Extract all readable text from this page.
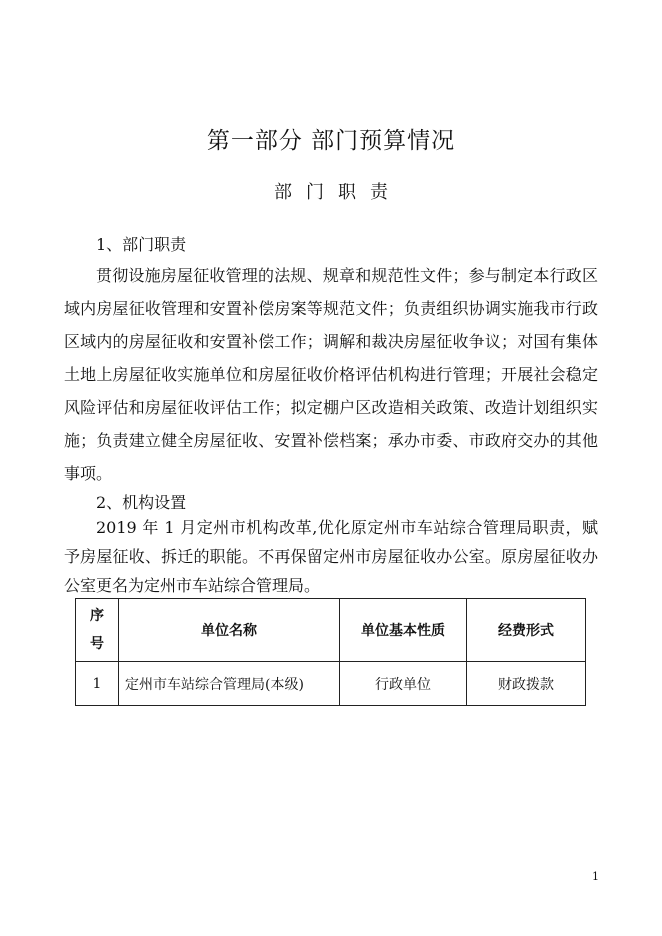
第一部分 部门预算情况
部门职责
1、部门职责

贯彻设施房屋征收管理的法规、规章和规范性文件；参与制定本行政区域内房屋征收管理和安置补偿房案等规范文件；负责组织协调实施我市行政区域内的房屋征收和安置补偿工作；调解和裁决房屋征收争议；对国有集体土地上房屋征收实施单位和房屋征收价格评估机构进行管理；开展社会稳定风险评估和房屋征收评估工作；拟定棚户区改造相关政策、改造计划组织实施；负责建立健全房屋征收、安置补偿档案；承办市委、市政府交办的其他事项。

2、机构设置

2019 年 1 月定州市机构改革,优化原定州市车站综合管理局职责，赋予房屋征收、拆迁的职能。不再保留定州市房屋征收办公室。原房屋征收办公室更名为定州市车站综合管理局。

序
号	单位名称	单位基本性质	经费形式
1	定州市车站综合管理局(本级)	行政单位	财政拨款
1
